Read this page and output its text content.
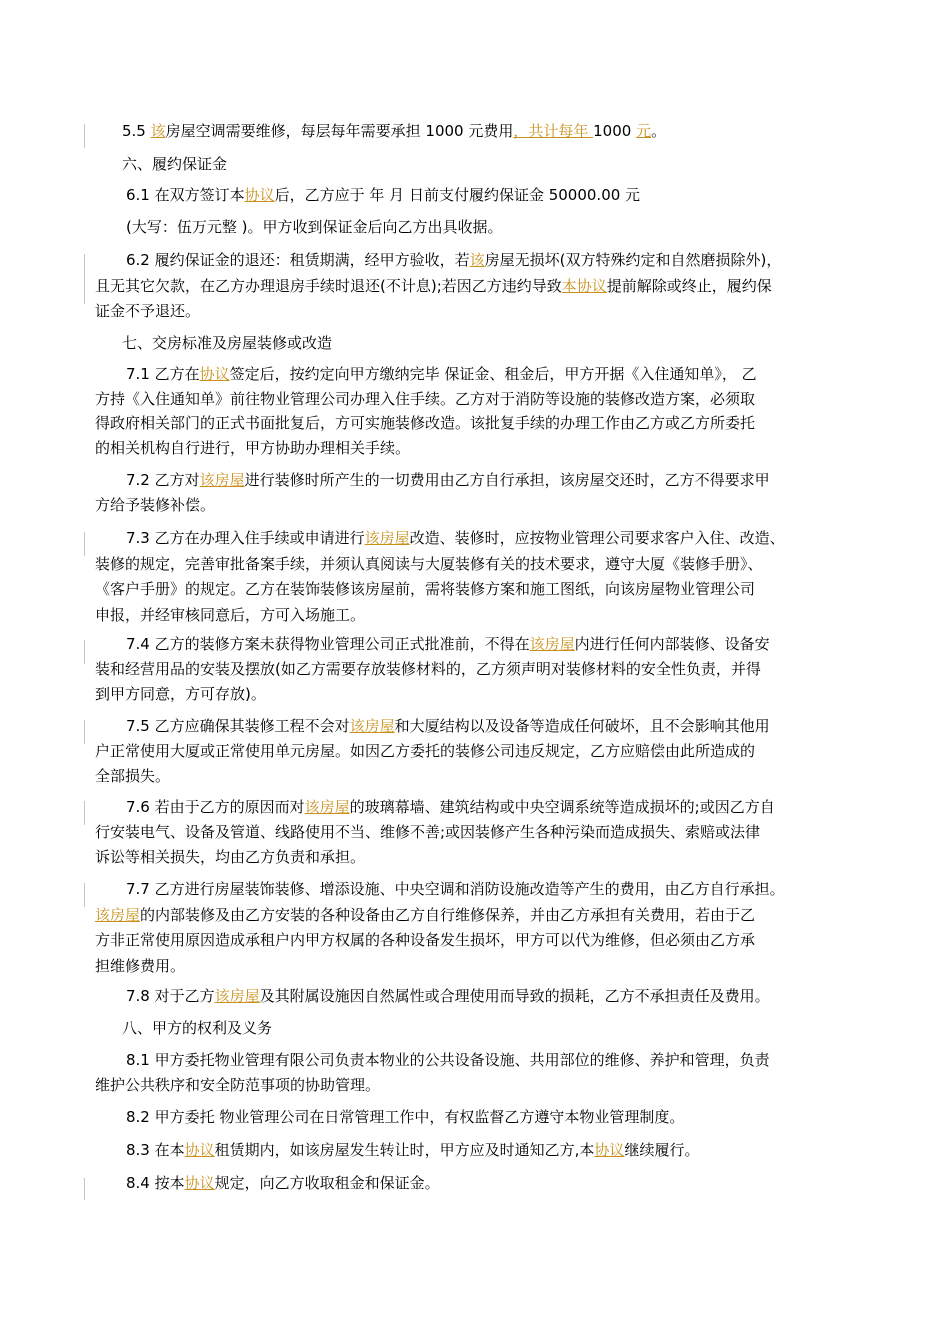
5.5 该房屋空调需要维修，每层每年需要承担 1000 元费用，共计每年 1000 元。
六、履约保证金
6.1 在双方签订本协议后，乙方应于 年 月 日前支付履约保证金 50000.00 元
(大写：伍万元整 )。甲方收到保证金后向乙方出具收据。
6.2 履约保证金的退还：租赁期满，经甲方验收，若该房屋无损坏(双方特殊约定和自然磨损除外)，
且无其它欠款，在乙方办理退房手续时退还(不计息);若因乙方违约导致本协议提前解除或终止，履约保
证金不予退还。
七、交房标准及房屋装修或改造
7.1 乙方在协议签定后，按约定向甲方缴纳完毕 保证金、租金后，甲方开据《入住通知单》， 乙
方持《入住通知单》前往物业管理公司办理入住手续。乙方对于消防等设施的装修改造方案，必须取
得政府相关部门的正式书面批复后，方可实施装修改造。该批复手续的办理工作由乙方或乙方所委托
的相关机构自行进行，甲方协助办理相关手续。
7.2 乙方对该房屋进行装修时所产生的一切费用由乙方自行承担，该房屋交还时，乙方不得要求甲
方给予装修补偿。
7.3 乙方在办理入住手续或申请进行该房屋改造、装修时，应按物业管理公司要求客户入住、改造、
装修的规定，完善审批备案手续，并须认真阅读与大厦装修有关的技术要求，遵守大厦《装修手册》、
《客户手册》的规定。乙方在装饰装修该房屋前，需将装修方案和施工图纸，向该房屋物业管理公司
申报，并经审核同意后，方可入场施工。
7.4 乙方的装修方案未获得物业管理公司正式批准前，不得在该房屋内进行任何内部装修、设备安
装和经营用品的安装及摆放(如乙方需要存放装修材料的，乙方须声明对装修材料的安全性负责，并得
到甲方同意，方可存放)。
7.5 乙方应确保其装修工程不会对该房屋和大厦结构以及设备等造成任何破坏，且不会影响其他用
户正常使用大厦或正常使用单元房屋。如因乙方委托的装修公司违反规定，乙方应赔偿由此所造成的
全部损失。
7.6 若由于乙方的原因而对该房屋的玻璃幕墙、建筑结构或中央空调系统等造成损坏的;或因乙方自
行安装电气、设备及管道、线路使用不当、维修不善;或因装修产生各种污染而造成损失、索赔或法律
诉讼等相关损失，均由乙方负责和承担。
7.7 乙方进行房屋装饰装修、增添设施、中央空调和消防设施改造等产生的费用，由乙方自行承担。
该房屋的内部装修及由乙方安装的各种设备由乙方自行维修保养，并由乙方承担有关费用，若由于乙
方非正常使用原因造成承租户内甲方权属的各种设备发生损坏，甲方可以代为维修，但必须由乙方承
担维修费用。
7.8 对于乙方该房屋及其附属设施因自然属性或合理使用而导致的损耗，乙方不承担责任及费用。
八、甲方的权利及义务
8.1 甲方委托物业管理有限公司负责本物业的公共设备设施、共用部位的维修、养护和管理，负责
维护公共秩序和安全防范事项的协助管理。
8.2 甲方委托 物业管理公司在日常管理工作中，有权监督乙方遵守本物业管理制度。
8.3 在本协议租赁期内，如该房屋发生转让时，甲方应及时通知乙方,本协议继续履行。
8.4 按本协议规定，向乙方收取租金和保证金。
